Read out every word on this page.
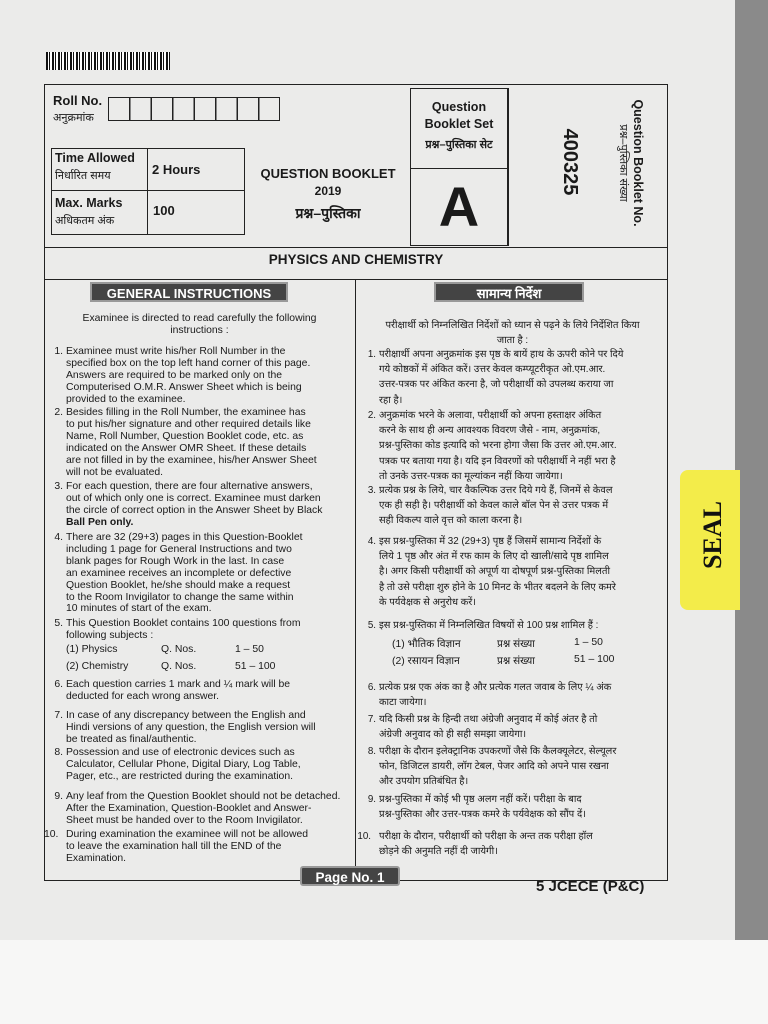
Roll No.
अनुक्रमांक
Time Allowed
निर्धारित समय	2 Hours
Max. Marks
अधिकतम अंक
100
QUESTION BOOKLET
2019
प्रश्न–पुस्तिका
Question
Booklet Set
प्रश्न–पुस्तिका सेट
A
400325	Question Booklet No.
प्रश्न–पुस्तिका संख्या
PHYSICS AND CHEMISTRY
GENERAL INSTRUCTIONS	सामान्य निर्देश
Examinee is directed to read carefully the following
instructions :
1. Examinee must write his/her Roll Number in the
specified box on the top left hand corner of this page.
Answers are required to be marked only on the
Computerised O.M.R. Answer Sheet which is being
provided to the examinee.
2. Besides filling in the Roll Number, the examinee has
to put his/her signature and other required details like
Name, Roll Number, Question Booklet code, etc. as
indicated on the Answer OMR Sheet. If these details
are not filled in by the examinee, his/her Answer Sheet
will not be evaluated.
3. For each question, there are four alternative answers,
out of which only one is correct. Examinee must darken
the circle of correct option in the Answer Sheet by Black
Ball Pen only.
4. There are 32 (29+3) pages in this Question-Booklet
including 1 page for General Instructions and two
blank pages for Rough Work in the last. In case
an examinee receives an incomplete or defective
Question Booklet, he/she should make a request
to the Room Invigilator to change the same within
10 minutes of start of the exam.
5. This Question Booklet contains 100 questions from
following subjects :
6. Each question carries 1 mark and ¼ mark will be
deducted for each wrong answer.
7. In case of any discrepancy between the English and
Hindi versions of any question, the English version will
be treated as final/authentic.
8. Possession and use of electronic devices such as
Calculator, Cellular Phone, Digital Diary, Log Table,
Pager, etc., are restricted during the examination.
9. Any leaf from the Question Booklet should not be detached.
After the Examination, Question-Booklet and Answer-
Sheet must be handed over to the Room Invigilator.
10. During examination the examinee will not be allowed
to leave the examination hall till the END of the
Examination.
(1) Physics	Q. Nos.	1 – 50
(2) Chemistry	Q. Nos.	51 – 100
परीक्षार्थी को निम्नलिखित निर्देशों को ध्यान से पढ़ने के लिये निर्देशित किया
जाता है :
1. परीक्षार्थी अपना अनुक्रमांक इस पृष्ठ के बायें हाथ के ऊपरी कोने पर दिये
गये कोष्ठकों में अंकित करें। उत्तर केवल कम्प्यूटरीकृत ओ.एम.आर.
उत्तर-पत्रक पर अंकित करना है, जो परीक्षार्थी को उपलब्ध कराया जा
रहा है।
2. अनुक्रमांक भरने के अलावा, परीक्षार्थी को अपना हस्ताक्षर अंकित
करने के साथ ही अन्य आवश्यक विवरण जैसे - नाम, अनुक्रमांक,
प्रश्न-पुस्तिका कोड इत्यादि को भरना होगा जैसा कि उत्तर ओ.एम.आर.
पत्रक पर बताया गया है। यदि इन विवरणों को परीक्षार्थी ने नहीं भरा है
तो उनके उत्तर-पत्रक का मूल्यांकन नहीं किया जायेगा।
3. प्रत्येक प्रश्न के लिये, चार वैकल्पिक उत्तर दिये गये हैं, जिनमें से केवल
एक ही सही है। परीक्षार्थी को केवल काले बॉल पेन से उत्तर पत्रक में
सही विकल्प वाले वृत्त को काला करना है।
4. इस प्रश्न-पुस्तिका में 32 (29+3) पृष्ठ हैं जिसमें सामान्य निर्देशों के
लिये 1 पृष्ठ और अंत में रफ काम के लिए दो खाली/सादे पृष्ठ शामिल
है। अगर किसी परीक्षार्थी को अपूर्ण या दोषपूर्ण प्रश्न-पुस्तिका मिलती
है तो उसे परीक्षा शुरु होने के 10 मिनट के भीतर बदलने के लिए कमरे
के पर्यवेक्षक से अनुरोध करें।
5. इस प्रश्न-पुस्तिका में निम्नलिखित विषयों से 100 प्रश्न शामिल हैं :
6. प्रत्येक प्रश्न एक अंक का है और प्रत्येक गलत जवाब के लिए ¼ अंक
काटा जायेगा।
7. यदि किसी प्रश्न के हिन्दी तथा अंग्रेजी अनुवाद में कोई अंतर है तो
अंग्रेजी अनुवाद को ही सही समझा जायेगा।
8. परीक्षा के दौरान इलेक्ट्रानिक उपकरणों जैसे कि कैलक्यूलेटर, सेल्यूलर
फोन, डिजिटल डायरी, लॉग टेबल, पेजर आदि को अपने पास रखना
और उपयोग प्रतिबंधित है।
9. प्रश्न-पुस्तिका में कोई भी पृष्ठ अलग नहीं करें। परीक्षा के बाद
प्रश्न-पुस्तिका और उत्तर-पत्रक कमरे के पर्यवेक्षक को सौंप दें।
10. परीक्षा के दौरान, परीक्षार्थी को परीक्षा के अन्त तक परीक्षा हॉल
छोड़ने की अनुमति नहीं दी जायेगी।
(1) भौतिक विज्ञान	प्रश्न संख्या	1 – 50
(2) रसायन विज्ञान	प्रश्न संख्या	51 – 100
Page No. 1
5 JCECE (P&C)
SEAL
